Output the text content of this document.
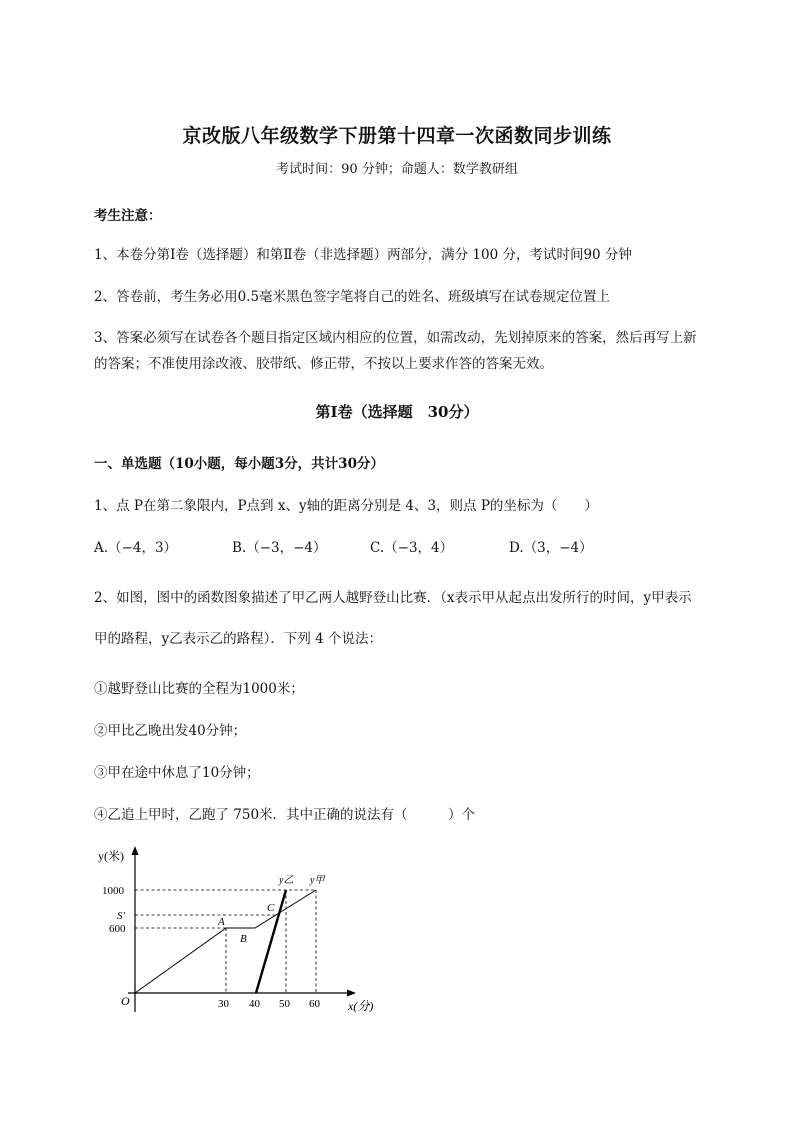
京改版八年级数学下册第十四章一次函数同步训练
考试时间：90 分钟；命题人：数学教研组
考生注意：
1、本卷分第Ⅰ卷（选择题）和第Ⅱ卷（非选择题）两部分，满分 100 分，考试时间90 分钟
2、答卷前，考生务必用0.5毫米黑色签字笔将自己的姓名、班级填写在试卷规定位置上
3、答案必须写在试卷各个题目指定区域内相应的位置，如需改动，先划掉原来的答案，然后再写上新
的答案；不准使用涂改液、胶带纸、修正带，不按以上要求作答的答案无效。
第Ⅰ卷（选择题　30分）
一、单选题（10小题，每小题3分，共计30分）
1、点 P在第二象限内，P点到 x、y轴的距离分别是 4、3，则点 P的坐标为（　　）
A.（−4，3）	B.（−3，−4）	C.（−3，4）	D.（3，−4）
2、如图，图中的函数图象描述了甲乙两人越野登山比赛．（x表示甲从起点出发所行的时间，y甲表示
甲的路程，y乙表示乙的路程）．下列 4 个说法：
①越野登山比赛的全程为1000米；
②甲比乙晚出发40分钟；
③甲在途中休息了10分钟；
④乙追上甲时，乙跑了 750米．其中正确的说法有（　　　）个
y(米)
1000
S'
600
O	30 40 50 60 x(分)
A
B
C
y乙 y甲
